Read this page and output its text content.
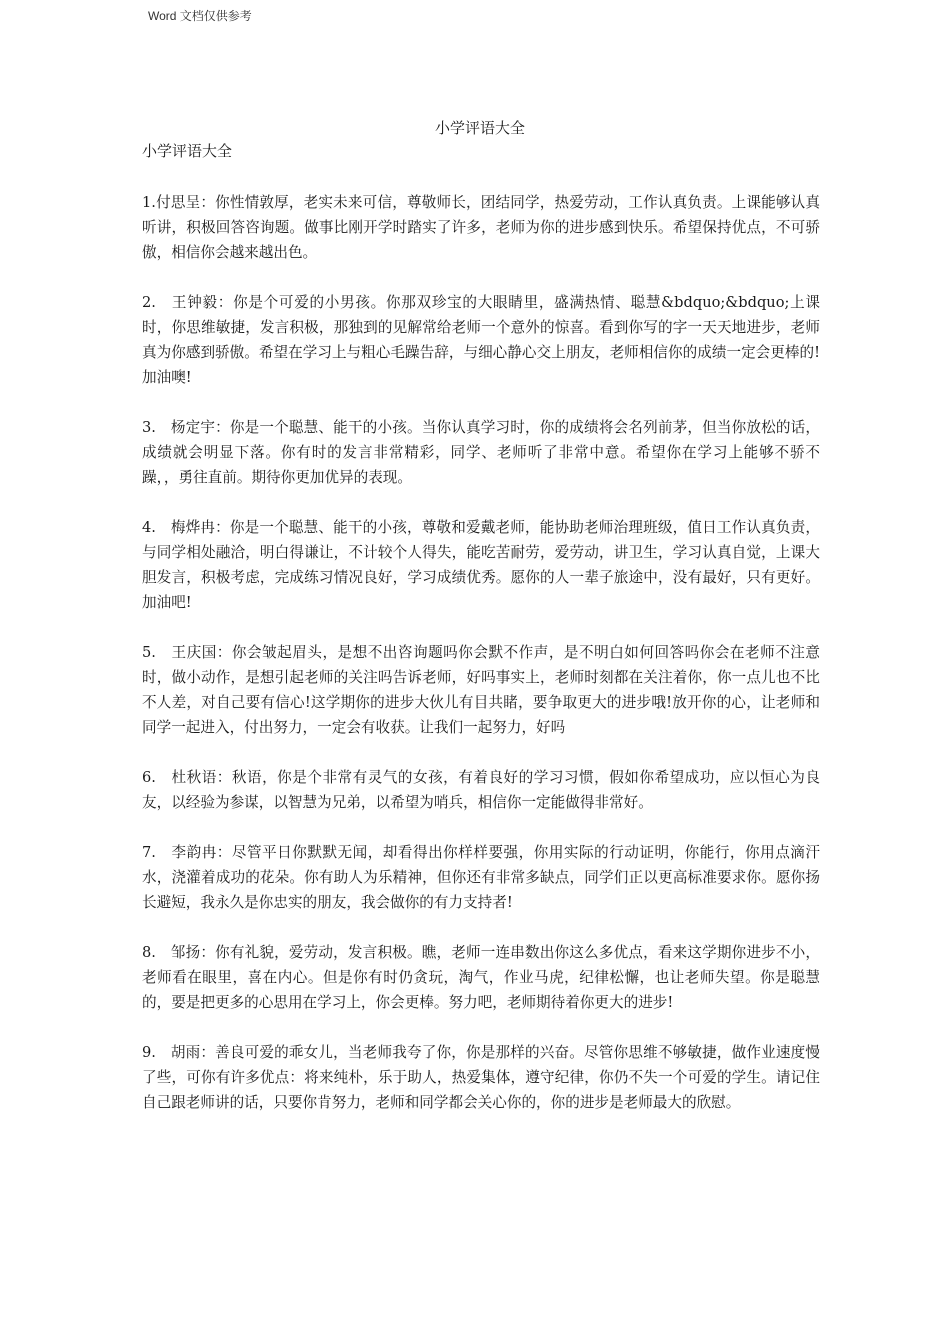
Word 文档仅供参考
小学评语大全
小学评语大全

1.付思呈：你性情敦厚，老实未来可信，尊敬师长，团结同学，热爱劳动，工作认真负责。上课能够认真听讲，积极回答咨询题。做事比刚开学时踏实了许多，老师为你的进步感到快乐。希望保持优点，不可骄傲，相信你会越来越出色。

2.　王钟毅：你是个可爱的小男孩。你那双珍宝的大眼睛里，盛满热情、聪慧&bdquo;&bdquo;上课时，你思维敏捷，发言积极，那独到的见解常给老师一个意外的惊喜。看到你写的字一天天地进步，老师真为你感到骄傲。希望在学习上与粗心毛躁告辞，与细心静心交上朋友，老师相信你的成绩一定会更棒的!加油噢!

3.　杨定宇：你是一个聪慧、能干的小孩。当你认真学习时，你的成绩将会名列前茅，但当你放松的话，成绩就会明显下落。你有时的发言非常精彩，同学、老师听了非常中意。希望你在学习上能够不骄不躁，，勇往直前。期待你更加优异的表现。

4.　梅烨冉：你是一个聪慧、能干的小孩，尊敬和爱戴老师，能协助老师治理班级，值日工作认真负责，与同学相处融洽，明白得谦让，不计较个人得失，能吃苦耐劳，爱劳动，讲卫生，学习认真自觉，上课大胆发言，积极考虑，完成练习情况良好，学习成绩优秀。愿你的人一辈子旅途中，没有最好，只有更好。加油吧!

5.　王庆国：你会皱起眉头，是想不出咨询题吗你会默不作声，是不明白如何回答吗你会在老师不注意时，做小动作，是想引起老师的关注吗告诉老师，好吗事实上，老师时刻都在关注着你，你一点儿也不比不人差，对自己要有信心!这学期你的进步大伙儿有目共睹，要争取更大的进步哦!放开你的心，让老师和同学一起进入，付出努力，一定会有收获。让我们一起努力，好吗

6.　杜秋语：秋语，你是个非常有灵气的女孩，有着良好的学习习惯，假如你希望成功，应以恒心为良友，以经验为参谋，以智慧为兄弟，以希望为哨兵，相信你一定能做得非常好。

7.　李韵冉：尽管平日你默默无闻，却看得出你样样要强，你用实际的行动证明，你能行，你用点滴汗水，浇灌着成功的花朵。你有助人为乐精神，但你还有非常多缺点，同学们正以更高标准要求你。愿你扬长避短，我永久是你忠实的朋友，我会做你的有力支持者!

8.　邹扬：你有礼貌，爱劳动，发言积极。瞧，老师一连串数出你这么多优点，看来这学期你进步不小，老师看在眼里，喜在内心。但是你有时仍贪玩，淘气，作业马虎，纪律松懈，也让老师失望。你是聪慧的，要是把更多的心思用在学习上，你会更棒。努力吧，老师期待着你更大的进步!

9.　胡雨：善良可爱的乖女儿，当老师我夸了你，你是那样的兴奋。尽管你思维不够敏捷，做作业速度慢了些，可你有许多优点：将来纯朴，乐于助人，热爱集体，遵守纪律，你仍不失一个可爱的学生。请记住自己跟老师讲的话，只要你肯努力，老师和同学都会关心你的，你的进步是老师最大的欣慰。
